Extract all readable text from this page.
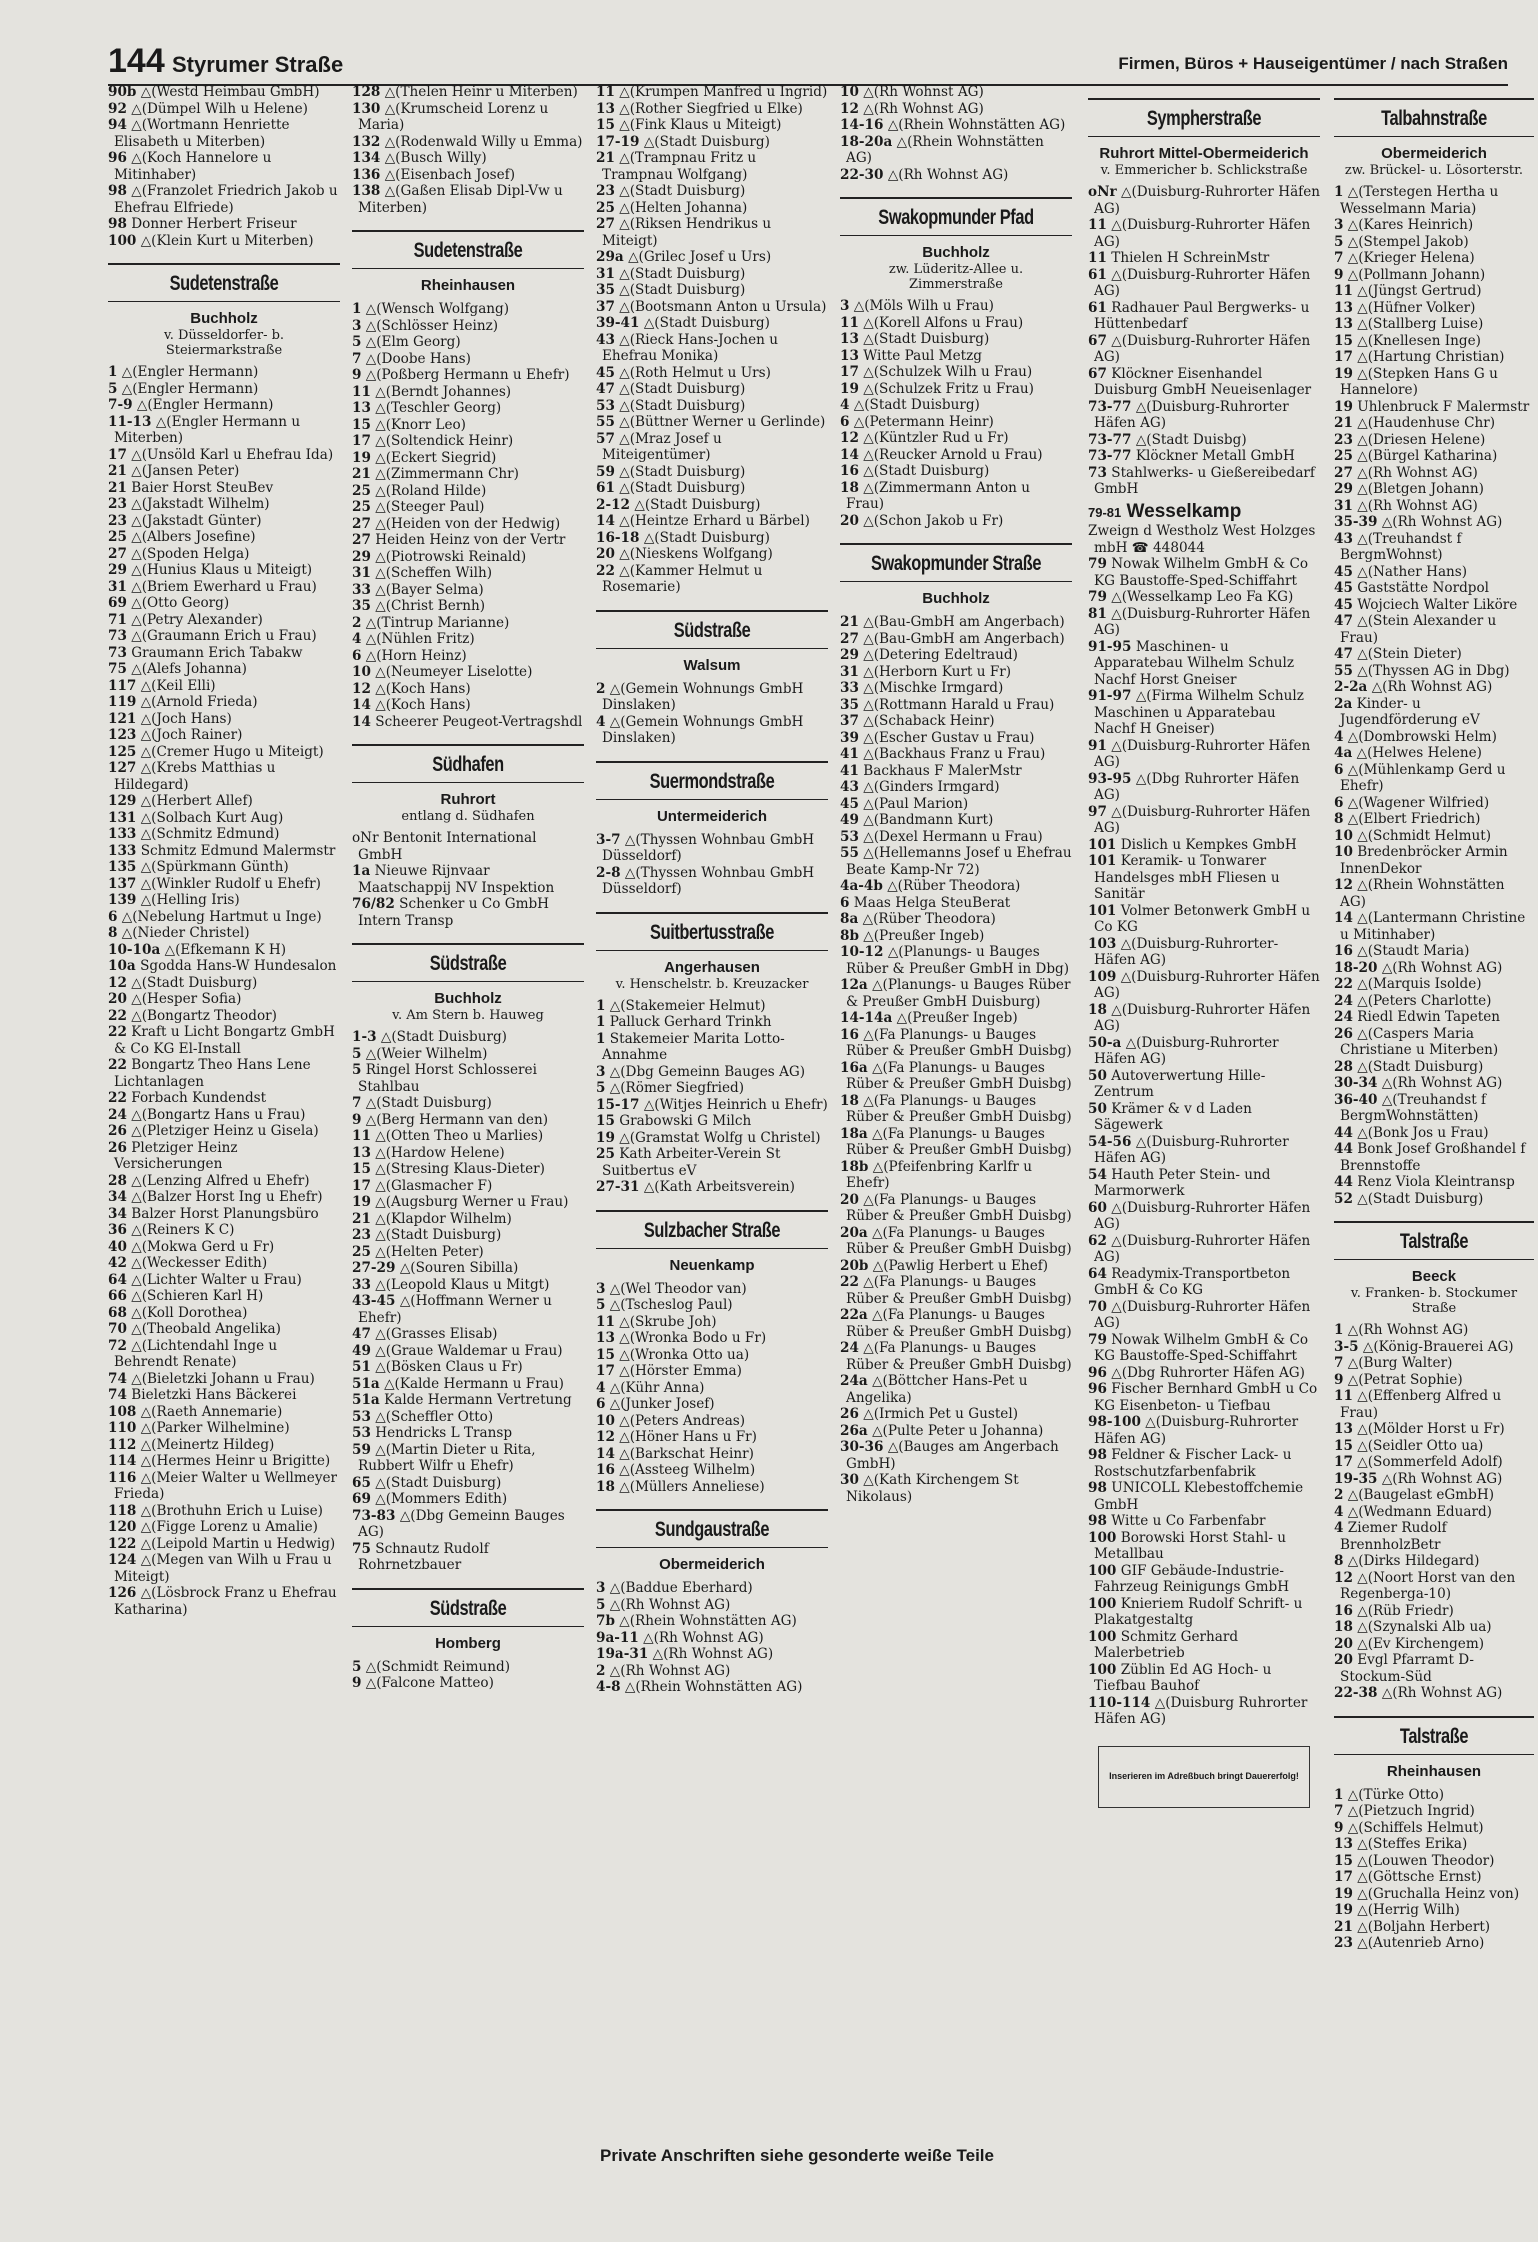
144 Styrumer Straße	Firmen, Büros + Hauseigentümer / nach Straßen

90b △(Westd Heimbau GmbH)

92 △(Dümpel Wilh u Helene)

94 △(Wortmann Henriette Elisabeth u Miterben)

96 △(Koch Hannelore u Mitinhaber)

98 △(Franzolet Friedrich Jakob u Ehefrau Elfriede)

98 Donner Herbert Friseur

100 △(Klein Kurt u Miterben)

Sudetenstraße
Buchholz
v. Düsseldorfer- b. Steiermarkstraße

1 △(Engler Hermann)

5 △(Engler Hermann)

7-9 △(Engler Hermann)

11-13 △(Engler Hermann u Miterben)

17 △(Unsöld Karl u Ehefrau Ida)

21 △(Jansen Peter)

21 Baier Horst SteuBev

23 △(Jakstadt Wilhelm)

23 △(Jakstadt Günter)

25 △(Albers Josefine)

27 △(Spoden Helga)

29 △(Hunius Klaus u Miteigt)

31 △(Briem Ewerhard u Frau)

69 △(Otto Georg)

71 △(Petry Alexander)

73 △(Graumann Erich u Frau)

73 Graumann Erich Tabakw

75 △(Alefs Johanna)

117 △(Keil Elli)

119 △(Arnold Frieda)

121 △(Joch Hans)

123 △(Joch Rainer)

125 △(Cremer Hugo u Miteigt)

127 △(Krebs Matthias u Hildegard)

129 △(Herbert Allef)

131 △(Solbach Kurt Aug)

133 △(Schmitz Edmund)

133 Schmitz Edmund Malermstr

135 △(Spürkmann Günth)

137 △(Winkler Rudolf u Ehefr)

139 △(Helling Iris)

6 △(Nebelung Hartmut u Inge)

8 △(Nieder Christel)

10-10a △(Efkemann K H)

10a Sgodda Hans-W Hundesalon

12 △(Stadt Duisburg)

20 △(Hesper Sofia)

22 △(Bongartz Theodor)

22 Kraft u Licht Bongartz GmbH & Co KG El-Install

22 Bongartz Theo Hans Lene Lichtanlagen

22 Forbach Kundendst

24 △(Bongartz Hans u Frau)

26 △(Pletziger Heinz u Gisela)

26 Pletziger Heinz Versicherungen

28 △(Lenzing Alfred u Ehefr)

34 △(Balzer Horst Ing u Ehefr)

34 Balzer Horst Planungsbüro

36 △(Reiners K C)

40 △(Mokwa Gerd u Fr)

42 △(Weckesser Edith)

64 △(Lichter Walter u Frau)

66 △(Schieren Karl H)

68 △(Koll Dorothea)

70 △(Theobald Angelika)

72 △(Lichtendahl Inge u Behrendt Renate)

74 △(Bieletzki Johann u Frau)

74 Bieletzki Hans Bäckerei

108 △(Raeth Annemarie)

110 △(Parker Wilhelmine)

112 △(Meinertz Hildeg)

114 △(Hermes Heinr u Brigitte)

116 △(Meier Walter u Wellmeyer Frieda)

118 △(Brothuhn Erich u Luise)

120 △(Figge Lorenz u Amalie)

122 △(Leipold Martin u Hedwig)

124 △(Megen van Wilh u Frau u Miteigt)

126 △(Lösbrock Franz u Ehefrau Katharina)

128 △(Thelen Heinr u Miterben)

130 △(Krumscheid Lorenz u Maria)

132 △(Rodenwald Willy u Emma)

134 △(Busch Willy)

136 △(Eisenbach Josef)

138 △(Gaßen Elisab Dipl-Vw u Miterben)

Sudetenstraße
Rheinhausen

1 △(Wensch Wolfgang)

3 △(Schlösser Heinz)

5 △(Elm Georg)

7 △(Doobe Hans)

9 △(Poßberg Hermann u Ehefr)

11 △(Berndt Johannes)

13 △(Teschler Georg)

15 △(Knorr Leo)

17 △(Soltendick Heinr)

19 △(Eckert Siegrid)

21 △(Zimmermann Chr)

25 △(Roland Hilde)

25 △(Steeger Paul)

27 △(Heiden von der Hedwig)

27 Heiden Heinz von der Vertr

29 △(Piotrowski Reinald)

31 △(Scheffen Wilh)

33 △(Bayer Selma)

35 △(Christ Bernh)

2 △(Tintrup Marianne)

4 △(Nühlen Fritz)

6 △(Horn Heinz)

10 △(Neumeyer Liselotte)

12 △(Koch Hans)

14 △(Koch Hans)

14 Scheerer Peugeot-Vertragshdl

Südhafen
Ruhrort
entlang d. Südhafen

oNr Bentonit International GmbH

1a Nieuwe Rijnvaar Maatschappij NV Inspektion

76/82 Schenker u Co GmbH Intern Transp

Südstraße
Buchholz
v. Am Stern b. Hauweg

1-3 △(Stadt Duisburg)

5 △(Weier Wilhelm)

5 Ringel Horst Schlosserei Stahlbau

7 △(Stadt Duisburg)

9 △(Berg Hermann van den)

11 △(Otten Theo u Marlies)

13 △(Hardow Helene)

15 △(Stresing Klaus-Dieter)

17 △(Glasmacher F)

19 △(Augsburg Werner u Frau)

21 △(Klapdor Wilhelm)

23 △(Stadt Duisburg)

25 △(Helten Peter)

27-29 △(Souren Sibilla)

33 △(Leopold Klaus u Mitgt)

43-45 △(Hoffmann Werner u Ehefr)

47 △(Grasses Elisab)

49 △(Graue Waldemar u Frau)

51 △(Bösken Claus u Fr)

51a △(Kalde Hermann u Frau)

51a Kalde Hermann Vertretung

53 △(Scheffler Otto)

53 Hendricks L Transp

59 △(Martin Dieter u Rita, Rubbert Wilfr u Ehefr)

65 △(Stadt Duisburg)

69 △(Mommers Edith)

73-83 △(Dbg Gemeinn Bauges AG)

75 Schnautz Rudolf Rohrnetzbauer

Südstraße
Homberg

5 △(Schmidt Reimund)

9 △(Falcone Matteo)

11 △(Krumpen Manfred u Ingrid)

13 △(Rother Siegfried u Elke)

15 △(Fink Klaus u Miteigt)

17-19 △(Stadt Duisburg)

21 △(Trampnau Fritz u Trampnau Wolfgang)

23 △(Stadt Duisburg)

25 △(Helten Johanna)

27 △(Riksen Hendrikus u Miteigt)

29a △(Grilec Josef u Urs)

31 △(Stadt Duisburg)

35 △(Stadt Duisburg)

37 △(Bootsmann Anton u Ursula)

39-41 △(Stadt Duisburg)

43 △(Rieck Hans-Jochen u Ehefrau Monika)

45 △(Roth Helmut u Urs)

47 △(Stadt Duisburg)

53 △(Stadt Duisburg)

55 △(Büttner Werner u Gerlinde)

57 △(Mraz Josef u Miteigentümer)

59 △(Stadt Duisburg)

61 △(Stadt Duisburg)

2-12 △(Stadt Duisburg)

14 △(Heintze Erhard u Bärbel)

16-18 △(Stadt Duisburg)

20 △(Nieskens Wolfgang)

22 △(Kammer Helmut u Rosemarie)

Südstraße
Walsum

2 △(Gemein Wohnungs GmbH Dinslaken)

4 △(Gemein Wohnungs GmbH Dinslaken)

Suermondstraße
Untermeiderich

3-7 △(Thyssen Wohnbau GmbH Düsseldorf)

2-8 △(Thyssen Wohnbau GmbH Düsseldorf)

Suitbertusstraße
Angerhausen
v. Henschelstr. b. Kreuzacker

1 △(Stakemeier Helmut)

1 Palluck Gerhard Trinkh

1 Stakemeier Marita Lotto-Annahme

3 △(Dbg Gemeinn Bauges AG)

5 △(Römer Siegfried)

15-17 △(Witjes Heinrich u Ehefr)

15 Grabowski G Milch

19 △(Gramstat Wolfg u Christel)

25 Kath Arbeiter-Verein St Suitbertus eV

27-31 △(Kath Arbeitsverein)

Sulzbacher Straße
Neuenkamp

3 △(Wel Theodor van)

5 △(Tscheslog Paul)

11 △(Skrube Joh)

13 △(Wronka Bodo u Fr)

15 △(Wronka Otto ua)

17 △(Hörster Emma)

4 △(Kühr Anna)

6 △(Junker Josef)

10 △(Peters Andreas)

12 △(Höner Hans u Fr)

14 △(Barkschat Heinr)

16 △(Assteeg Wilhelm)

18 △(Müllers Anneliese)

Sundgaustraße
Obermeiderich

3 △(Baddue Eberhard)

5 △(Rh Wohnst AG)

7b △(Rhein Wohnstätten AG)

9a-11 △(Rh Wohnst AG)

19a-31 △(Rh Wohnst AG)

2 △(Rh Wohnst AG)

4-8 △(Rhein Wohnstätten AG)

10 △(Rh Wohnst AG)

12 △(Rh Wohnst AG)

14-16 △(Rhein Wohnstätten AG)

18-20a △(Rhein Wohnstätten AG)

22-30 △(Rh Wohnst AG)

Swakopmunder Pfad
Buchholz
zw. Lüderitz-Allee u. Zimmerstraße

3 △(Möls Wilh u Frau)

11 △(Korell Alfons u Frau)

13 △(Stadt Duisburg)

13 Witte Paul Metzg

17 △(Schulzek Wilh u Frau)

19 △(Schulzek Fritz u Frau)

4 △(Stadt Duisburg)

6 △(Petermann Heinr)

12 △(Küntzler Rud u Fr)

14 △(Reucker Arnold u Frau)

16 △(Stadt Duisburg)

18 △(Zimmermann Anton u Frau)

20 △(Schon Jakob u Fr)

Swakopmunder Straße
Buchholz

21 △(Bau-GmbH am Angerbach)

27 △(Bau-GmbH am Angerbach)

29 △(Detering Edeltraud)

31 △(Herborn Kurt u Fr)

33 △(Mischke Irmgard)

35 △(Rottmann Harald u Frau)

37 △(Schaback Heinr)

39 △(Escher Gustav u Frau)

41 △(Backhaus Franz u Frau)

41 Backhaus F MalerMstr

43 △(Ginders Irmgard)

45 △(Paul Marion)

49 △(Bandmann Kurt)

53 △(Dexel Hermann u Frau)

55 △(Hellemanns Josef u Ehefrau Beate Kamp-Nr 72)

4a-4b △(Rüber Theodora)

6 Maas Helga SteuBerat

8a △(Rüber Theodora)

8b △(Preußer Ingeb)

10-12 △(Planungs- u Bauges Rüber & Preußer GmbH in Dbg)

12a △(Planungs- u Bauges Rüber & Preußer GmbH Duisburg)

14-14a △(Preußer Ingeb)

16 △(Fa Planungs- u Bauges Rüber & Preußer GmbH Duisbg)

16a △(Fa Planungs- u Bauges Rüber & Preußer GmbH Duisbg)

18 △(Fa Planungs- u Bauges Rüber & Preußer GmbH Duisbg)

18a △(Fa Planungs- u Bauges Rüber & Preußer GmbH Duisbg)

18b △(Pfeifenbring Karlfr u Ehefr)

20 △(Fa Planungs- u Bauges Rüber & Preußer GmbH Duisbg)

20a △(Fa Planungs- u Bauges Rüber & Preußer GmbH Duisbg)

20b △(Pawlig Herbert u Ehef)

22 △(Fa Planungs- u Bauges Rüber & Preußer GmbH Duisbg)

22a △(Fa Planungs- u Bauges Rüber & Preußer GmbH Duisbg)

24 △(Fa Planungs- u Bauges Rüber & Preußer GmbH Duisbg)

24a △(Böttcher Hans-Pet u Angelika)

26 △(Irmich Pet u Gustel)

26a △(Pulte Peter u Johanna)

30-36 △(Bauges am Angerbach GmbH)

30 △(Kath Kirchengem St Nikolaus)

Sympherstraße
Ruhrort Mittel-Obermeiderich
v. Emmericher b. Schlickstraße

oNr △(Duisburg-Ruhrorter Häfen AG)

11 △(Duisburg-Ruhrorter Häfen AG)

11 Thielen H SchreinMstr

61 △(Duisburg-Ruhrorter Häfen AG)

61 Radhauer Paul Bergwerks- u Hüttenbedarf

67 △(Duisburg-Ruhrorter Häfen AG)

67 Klöckner Eisenhandel Duisburg GmbH Neueisenlager

73-77 △(Duisburg-Ruhrorter Häfen AG)

73-77 △(Stadt Duisbg)

73-77 Klöckner Metall GmbH

73 Stahlwerks- u Gießereibedarf GmbH

79-81 Wesselkamp

Zweign d Westholz West Holzges mbH ☎ 448044

79 Nowak Wilhelm GmbH & Co KG Baustoffe-Sped-Schiffahrt

79 △(Wesselkamp Leo Fa KG)

81 △(Duisburg-Ruhrorter Häfen AG)

91-95 Maschinen- u Apparatebau Wilhelm Schulz Nachf Horst Gneiser

91-97 △(Firma Wilhelm Schulz Maschinen u Apparatebau Nachf H Gneiser)

91 △(Duisburg-Ruhrorter Häfen AG)

93-95 △(Dbg Ruhrorter Häfen AG)

97 △(Duisburg-Ruhrorter Häfen AG)

101 Dislich u Kempkes GmbH

101 Keramik- u Tonwarer Handelsges mbH Fliesen u Sanitär

101 Volmer Betonwerk GmbH u Co KG

103 △(Duisburg-Ruhrorter-Häfen AG)

109 △(Duisburg-Ruhrorter Häfen AG)

18 △(Duisburg-Ruhrorter Häfen AG)

50-a △(Duisburg-Ruhrorter Häfen AG)

50 Autoverwertung Hille-Zentrum

50 Krämer & v d Laden Sägewerk

54-56 △(Duisburg-Ruhrorter Häfen AG)

54 Hauth Peter Stein- und Marmorwerk

60 △(Duisburg-Ruhrorter Häfen AG)

62 △(Duisburg-Ruhrorter Häfen AG)

64 Readymix-Transportbeton GmbH & Co KG

70 △(Duisburg-Ruhrorter Häfen AG)

79 Nowak Wilhelm GmbH & Co KG Baustoffe-Sped-Schiffahrt

96 △(Dbg Ruhrorter Häfen AG)

96 Fischer Bernhard GmbH u Co KG Eisenbeton- u Tiefbau

98-100 △(Duisburg-Ruhrorter Häfen AG)

98 Feldner & Fischer Lack- u Rostschutzfarbenfabrik

98 UNICOLL Klebestoffchemie GmbH

98 Witte u Co Farbenfabr

100 Borowski Horst Stahl- u Metallbau

100 GIF Gebäude-Industrie-Fahrzeug Reinigungs GmbH

100 Knieriem Rudolf Schrift- u Plakatgestaltg

100 Schmitz Gerhard Malerbetrieb

100 Züblin Ed AG Hoch- u Tiefbau Bauhof

110-114 △(Duisburg Ruhrorter Häfen AG)

Inserieren im Adreßbuch bringt Dauererfolg!
Talbahnstraße
Obermeiderich
zw. Brückel- u. Lösorterstr.

1 △(Terstegen Hertha u Wesselmann Maria)

3 △(Kares Heinrich)

5 △(Stempel Jakob)

7 △(Krieger Helena)

9 △(Pollmann Johann)

11 △(Jüngst Gertrud)

13 △(Hüfner Volker)

13 △(Stallberg Luise)

15 △(Knellesen Inge)

17 △(Hartung Christian)

19 △(Stepken Hans G u Hannelore)

19 Uhlenbruck F Malermstr

21 △(Haudenhuse Chr)

23 △(Driesen Helene)

25 △(Bürgel Katharina)

27 △(Rh Wohnst AG)

29 △(Bletgen Johann)

31 △(Rh Wohnst AG)

35-39 △(Rh Wohnst AG)

43 △(Treuhandst f BergmWohnst)

45 △(Nather Hans)

45 Gaststätte Nordpol

45 Wojciech Walter Liköre

47 △(Stein Alexander u Frau)

47 △(Stein Dieter)

55 △(Thyssen AG in Dbg)

2-2a △(Rh Wohnst AG)

2a Kinder- u Jugendförderung eV

4 △(Dombrowski Helm)

4a △(Helwes Helene)

6 △(Mühlenkamp Gerd u Ehefr)

6 △(Wagener Wilfried)

8 △(Elbert Friedrich)

10 △(Schmidt Helmut)

10 Bredenbröcker Armin InnenDekor

12 △(Rhein Wohnstätten AG)

14 △(Lantermann Christine u Mitinhaber)

16 △(Staudt Maria)

18-20 △(Rh Wohnst AG)

22 △(Marquis Isolde)

24 △(Peters Charlotte)

24 Riedl Edwin Tapeten

26 △(Caspers Maria Christiane u Miterben)

28 △(Stadt Duisburg)

30-34 △(Rh Wohnst AG)

36-40 △(Treuhandst f BergmWohnstätten)

44 △(Bonk Jos u Frau)

44 Bonk Josef Großhandel f Brennstoffe

44 Renz Viola Kleintransp

52 △(Stadt Duisburg)

Talstraße
Beeck
v. Franken- b. Stockumer Straße

1 △(Rh Wohnst AG)

3-5 △(König-Brauerei AG)

7 △(Burg Walter)

9 △(Petrat Sophie)

11 △(Effenberg Alfred u Frau)

13 △(Mölder Horst u Fr)

15 △(Seidler Otto ua)

17 △(Sommerfeld Adolf)

19-35 △(Rh Wohnst AG)

2 △(Baugelast eGmbH)

4 △(Wedmann Eduard)

4 Ziemer Rudolf BrennholzBetr

8 △(Dirks Hildegard)

12 △(Noort Horst van den Regenberga-10)

16 △(Rüb Friedr)

18 △(Szynalski Alb ua)

20 △(Ev Kirchengem)

20 Evgl Pfarramt D-Stockum-Süd

22-38 △(Rh Wohnst AG)

Talstraße
Rheinhausen

1 △(Türke Otto)

7 △(Pietzuch Ingrid)

9 △(Schiffels Helmut)

13 △(Steffes Erika)

15 △(Louwen Theodor)

17 △(Göttsche Ernst)

19 △(Gruchalla Heinz von)

19 △(Herrig Wilh)

21 △(Boljahn Herbert)

23 △(Autenrieb Arno)

Private Anschriften siehe gesonderte weiße Teile
